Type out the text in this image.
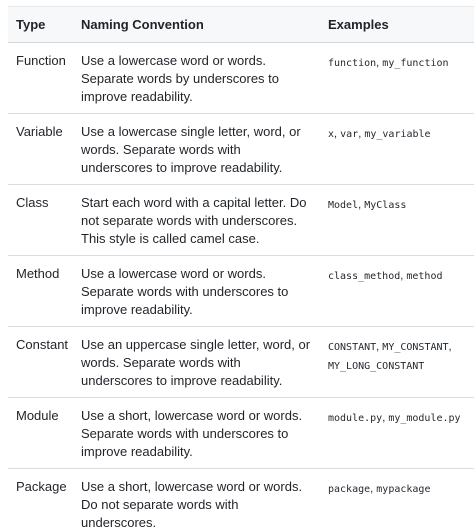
Type	Naming Convention	Examples
Function	Use a lowercase word or words. Separate words by underscores to improve readability.	function, my_function
Variable	Use a lowercase single letter, word, or words. Separate words with underscores to improve readability.	x, var, my_variable
Class	Start each word with a capital letter. Do not separate words with underscores. This style is called camel case.	Model, MyClass
Method	Use a lowercase word or words. Separate words with underscores to improve readability.	class_method, method
Constant	Use an uppercase single letter, word, or words. Separate words with underscores to improve readability.	CONSTANT, MY_CONSTANT, MY_LONG_CONSTANT
Module	Use a short, lowercase word or words. Separate words with underscores to improve readability.	module.py, my_module.py
Package	Use a short, lowercase word or words. Do not separate words with underscores.	package, mypackage
